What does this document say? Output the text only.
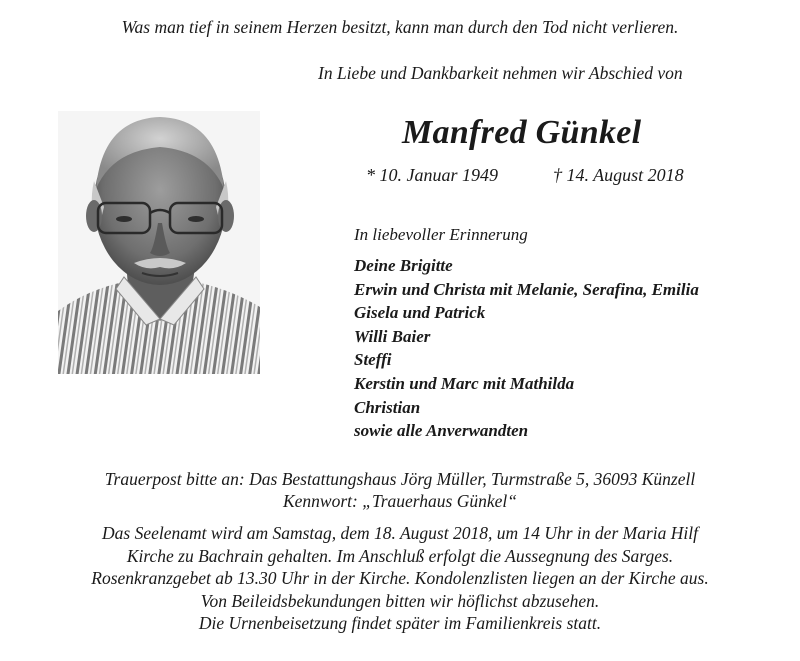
Was man tief in seinem Herzen besitzt, kann man durch den Tod nicht verlieren.
In Liebe und Dankbarkeit nehmen wir Abschied von
Manfred Günkel
* 10. Januar 1949	† 14. August 2018
In liebevoller Erinnerung
Deine Brigitte
Erwin und Christa mit Melanie, Serafina, Emilia
Gisela und Patrick
Willi Baier
Steffi
Kerstin und Marc mit Mathilda
Christian
sowie alle Anverwandten
Trauerpost bitte an: Das Bestattungshaus Jörg Müller, Turmstraße 5, 36093 Künzell
Kennwort: „Trauerhaus Günkel“
Das Seelenamt wird am Samstag, dem 18. August 2018, um 14 Uhr in der Maria Hilf
Kirche zu Bachrain gehalten. Im Anschluß erfolgt die Aussegnung des Sarges.
Rosenkranzgebet ab 13.30 Uhr in der Kirche. Kondolenzlisten liegen an der Kirche aus.
Von Beileidsbekundungen bitten wir höflichst abzusehen.
Die Urnenbeisetzung findet später im Familienkreis statt.
